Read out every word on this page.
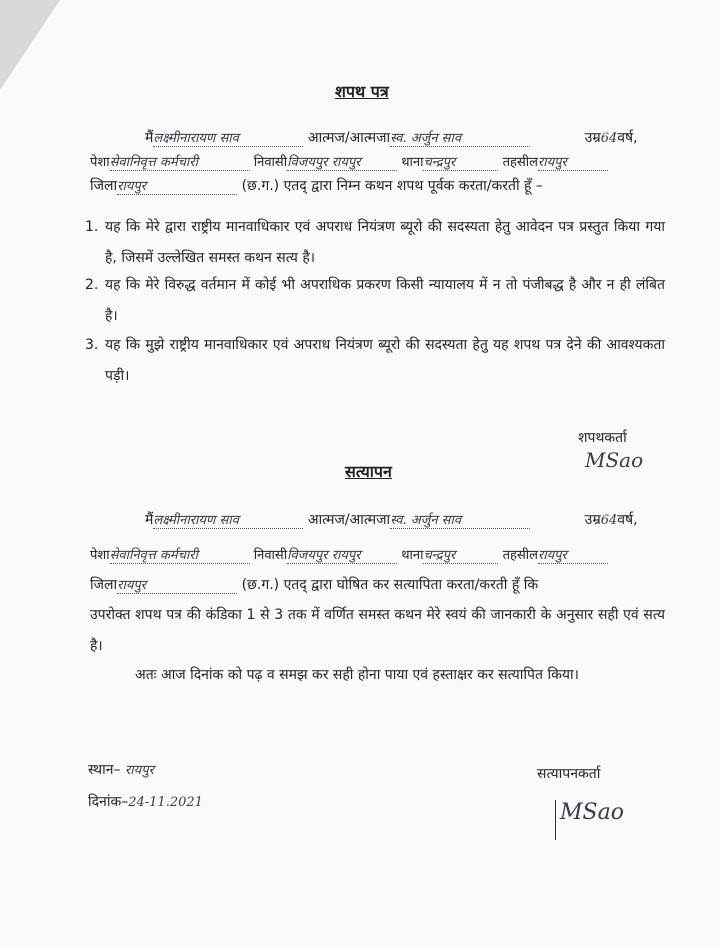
शपथ पत्र
मैंलक्ष्मीनारायण साव	आत्मज/आत्मजास्व. अर्जुन साव	उम्र64वर्ष,
पेशासेवानिवृत्त कर्मचारी	निवासीविजयपुर रायपुर	थानाचन्द्रपुर	तहसीलरायपुर
जिलारायपुर	(छ.ग.) एतद् द्वारा निम्न कथन शपथ पूर्वक करता/करती हूँ –
1. यह कि मेरे द्वारा राष्ट्रीय मानवाधिकार एवं अपराध नियंत्रण ब्यूरो की सदस्यता हेतु आवेदन पत्र प्रस्तुत किया गया है, जिसमें उल्लेखित समस्त कथन सत्य है।
2. यह कि मेरे विरुद्ध वर्तमान में कोई भी अपराधिक प्रकरण किसी न्यायालय में न तो पंजीबद्ध है और न ही लंबित है।
3. यह कि मुझे राष्ट्रीय मानवाधिकार एवं अपराध नियंत्रण ब्यूरो की सदस्यता हेतु यह शपथ पत्र देने की आवश्यकता पड़ी।
शपथकर्ता
MSao
सत्यापन
मैंलक्ष्मीनारायण साव	आत्मज/आत्मजास्व. अर्जुन साव	उम्र64वर्ष,
पेशासेवानिवृत्त कर्मचारी	निवासीविजयपुर रायपुर	थानाचन्द्रपुर	तहसीलरायपुर
जिलारायपुर	(छ.ग.) एतद् द्वारा घोषित कर सत्यापिता करता/करती हूँ कि
उपरोक्त शपथ पत्र की कंडिका 1 से 3 तक में वर्णित समस्त कथन मेरे स्वयं की जानकारी के अनुसार सही एवं सत्य है।
अतः आज दिनांक को पढ़ व समझ कर सही होना पाया एवं हस्ताक्षर कर सत्यापित किया।
स्थान– रायपुर
दिनांक–24-11.2021
सत्यापनकर्ता
MSao
